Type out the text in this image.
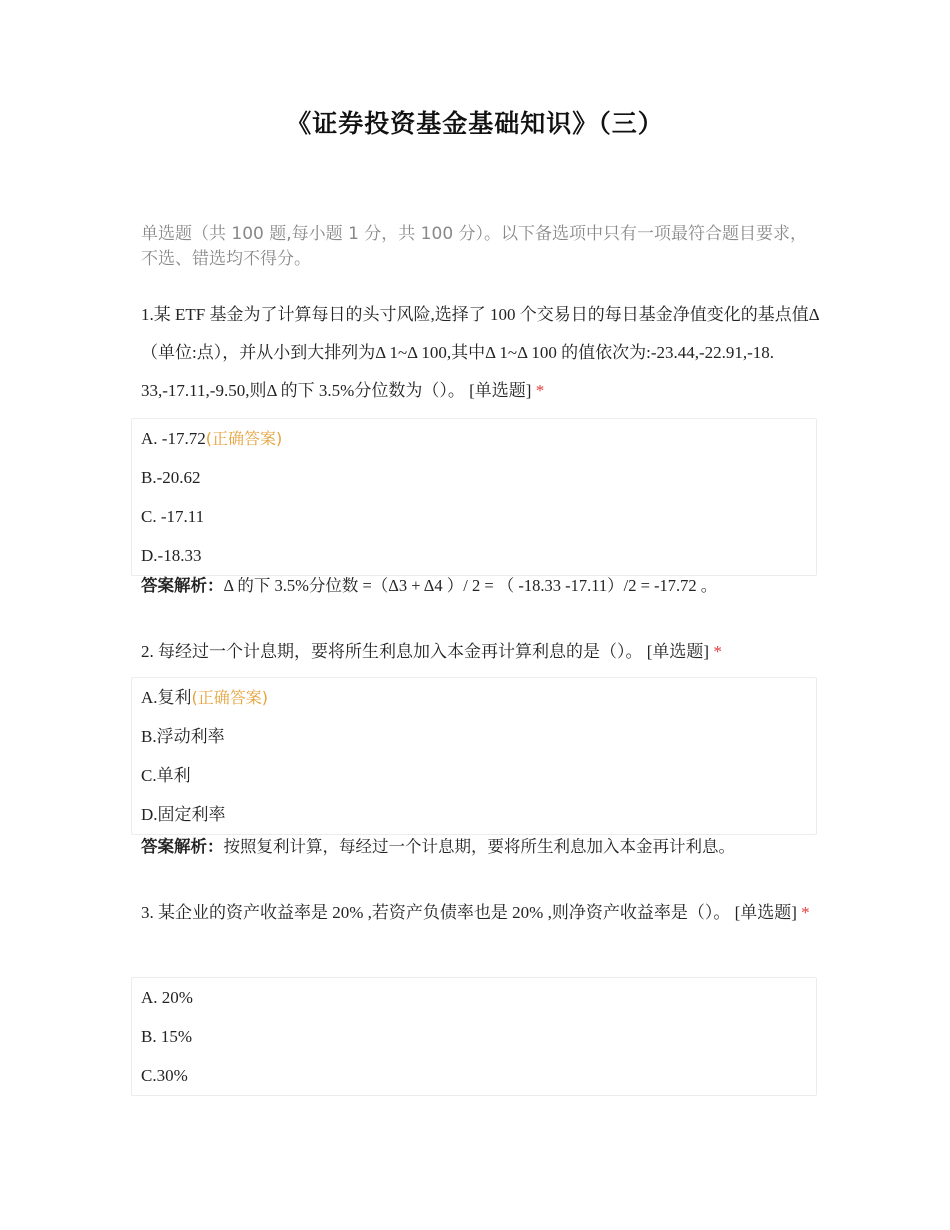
《证券投资基金基础知识》（三）
单选题（共 100 题,每小题 1 分，共 100 分）。以下备选项中只有一项最符合题目要求，不选、错选均不得分。
1.某 ETF 基金为了计算每日的头寸风险,选择了 100 个交易日的每日基金净值变化的基点值Δ （单位:点），并从小到大排列为Δ 1~Δ 100,其中Δ 1~Δ 100 的值依次为:-23.44,-22.91,-18. 33,-17.11,-9.50,则Δ 的下 3.5%分位数为（）。 [单选题] *
A. -17.72(正确答案)
B.-20.62
C. -17.11
D.-18.33
答案解析：Δ 的下 3.5%分位数 =（Δ3 + Δ4 ）/ 2 = （ -18.33 -17.11）/2 = -17.72 。
2. 每经过一个计息期，要将所生利息加入本金再计算利息的是（）。 [单选题] *
A.复利(正确答案)
B.浮动利率
C.单利
D.固定利率
答案解析：按照复利计算，每经过一个计息期，要将所生利息加入本金再计利息。
3. 某企业的资产收益率是 20% ,若资产负债率也是 20% ,则净资产收益率是（）。 [单选题] *
A. 20%
B. 15%
C.30%
